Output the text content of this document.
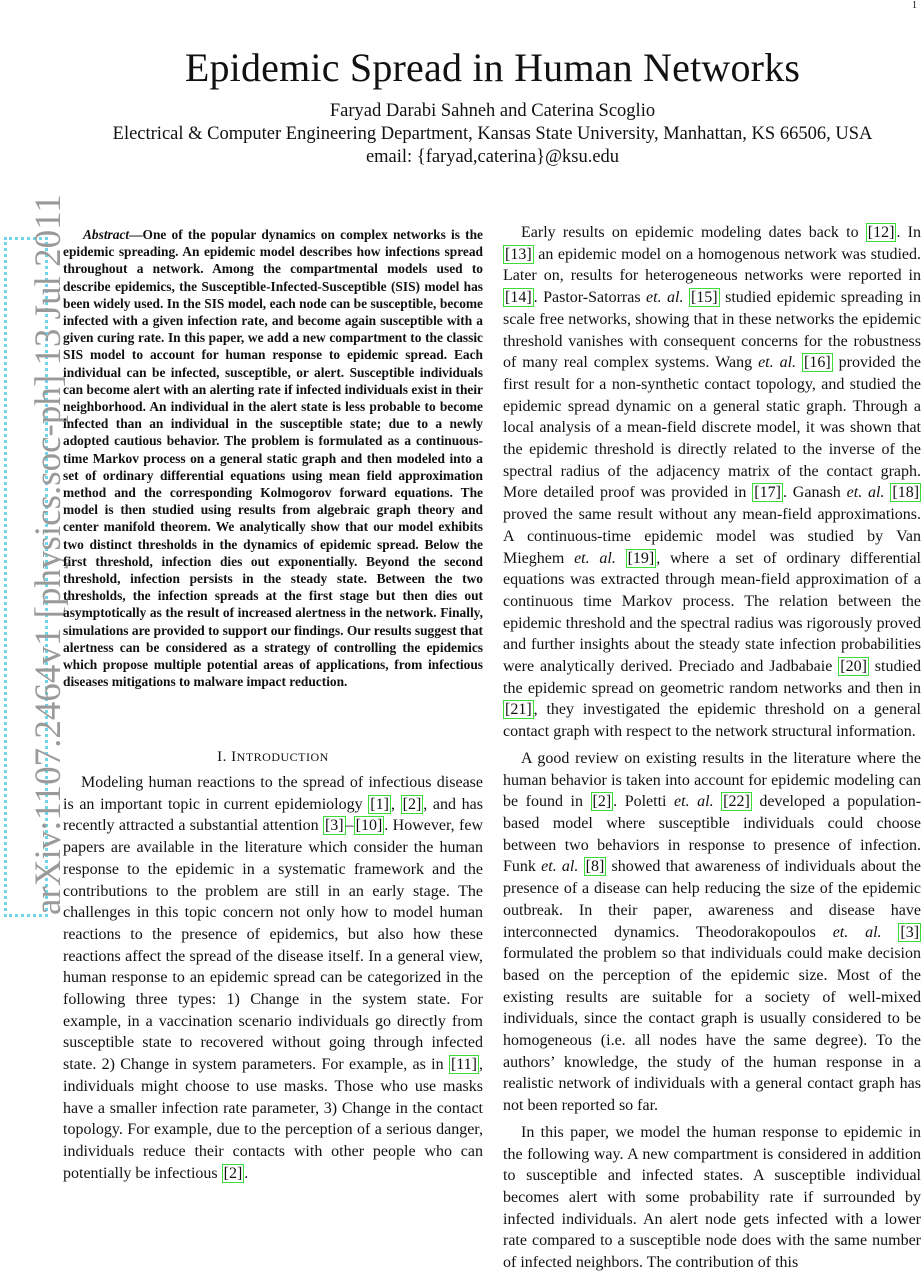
1
Epidemic Spread in Human Networks
Faryad Darabi Sahneh and Caterina Scoglio
Electrical & Computer Engineering Department, Kansas State University, Manhattan, KS 66506, USA
email: {faryad,caterina}@ksu.edu
arXiv:1107.2464v1 [physics.soc-ph] 13 Jul 2011	Abstract—One of the popular dynamics on complex networks is the epidemic spreading. An epidemic model describes how infections spread throughout a network. Among the compartmental models used to describe epidemics, the Susceptible-Infected-Susceptible (SIS) model has been widely used. In the SIS model, each node can be susceptible, become infected with a given infection rate, and become again susceptible with a given curing rate. In this paper, we add a new compartment to the classic SIS model to account for human response to epidemic spread. Each individual can be infected, susceptible, or alert. Susceptible individuals can become alert with an alerting rate if infected individuals exist in their neighborhood. An individual in the alert state is less probable to become infected than an individual in the susceptible state; due to a newly adopted cautious behavior. The problem is formulated as a continuous-time Markov process on a general static graph and then modeled into a set of ordinary differential equations using mean field approximation method and the corresponding Kolmogorov forward equations. The model is then studied using results from algebraic graph theory and center manifold theorem. We analytically show that our model exhibits two distinct thresholds in the dynamics of epidemic spread. Below the first threshold, infection dies out exponentially. Beyond the second threshold, infection persists in the steady state. Between the two thresholds, the infection spreads at the first stage but then dies out asymptotically as the result of increased alertness in the network. Finally, simulations are provided to support our findings. Our results suggest that alertness can be considered as a strategy of controlling the epidemics which propose multiple potential areas of applications, from infectious diseases mitigations to malware impact reduction.
I. INTRODUCTION

Modeling human reactions to the spread of infectious disease is an important topic in current epidemiology [1] , [2] , and has recently attracted a substantial attention [3] – [10] . However, few papers are available in the literature which consider the human response to the epidemic in a systematic framework and the contributions to the problem are still in an early stage. The challenges in this topic concern not only how to model human reactions to the presence of epidemics, but also how these reactions affect the spread of the disease itself. In a general view, human response to an epidemic spread can be categorized in the following three types: 1) Change in the system state. For example, in a vaccination scenario individuals go directly from susceptible state to recovered without going through infected state. 2) Change in system parameters. For example, as in [11] , individuals might choose to use masks. Those who use masks have a smaller infection rate parameter, 3) Change in the contact topology. For example, due to the perception of a serious danger, individuals reduce their contacts with other people who can potentially be infectious [2] .

Early results on epidemic modeling dates back to [12] . In [13] an epidemic model on a homogenous network was studied. Later on, results for heterogeneous networks were reported in [14] . Pastor-Satorras et. al. [15] studied epidemic spreading in scale free networks, showing that in these networks the epidemic threshold vanishes with consequent concerns for the robustness of many real complex systems. Wang et. al. [16] provided the first result for a non-synthetic contact topology, and studied the epidemic spread dynamic on a general static graph. Through a local analysis of a mean-field discrete model, it was shown that the epidemic threshold is directly related to the inverse of the spectral radius of the adjacency matrix of the contact graph. More detailed proof was provided in [17] . Ganash et. al. [18] proved the same result without any mean-field approximations. A continuous-time epidemic model was studied by Van Mieghem et. al. [19] , where a set of ordinary differential equations was extracted through mean-field approximation of a continuous time Markov process. The relation between the epidemic threshold and the spectral radius was rigorously proved and further insights about the steady state infection probabilities were analytically derived. Preciado and Jadbabaie [20] studied the epidemic spread on geometric random networks and then in [21] , they investigated the epidemic threshold on a general contact graph with respect to the network structural information.

A good review on existing results in the literature where the human behavior is taken into account for epidemic modeling can be found in [2] . Poletti et. al. [22] developed a population-based model where susceptible individuals could choose between two behaviors in response to presence of infection. Funk et. al. [8] showed that awareness of individuals about the presence of a disease can help reducing the size of the epidemic outbreak. In their paper, awareness and disease have interconnected dynamics. Theodorakopoulos et. al. [3] formulated the problem so that individuals could make decision based on the perception of the epidemic size. Most of the existing results are suitable for a society of well-mixed individuals, since the contact graph is usually considered to be homogeneous (i.e. all nodes have the same degree). To the authors’ knowledge, the study of the human response in a realistic network of individuals with a general contact graph has not been reported so far.

In this paper, we model the human response to epidemic in the following way. A new compartment is considered in addition to susceptible and infected states. A susceptible individual becomes alert with some probability rate if surrounded by infected individuals. An alert node gets infected with a lower rate compared to a susceptible node does with the same number of infected neighbors. The contribution of this
